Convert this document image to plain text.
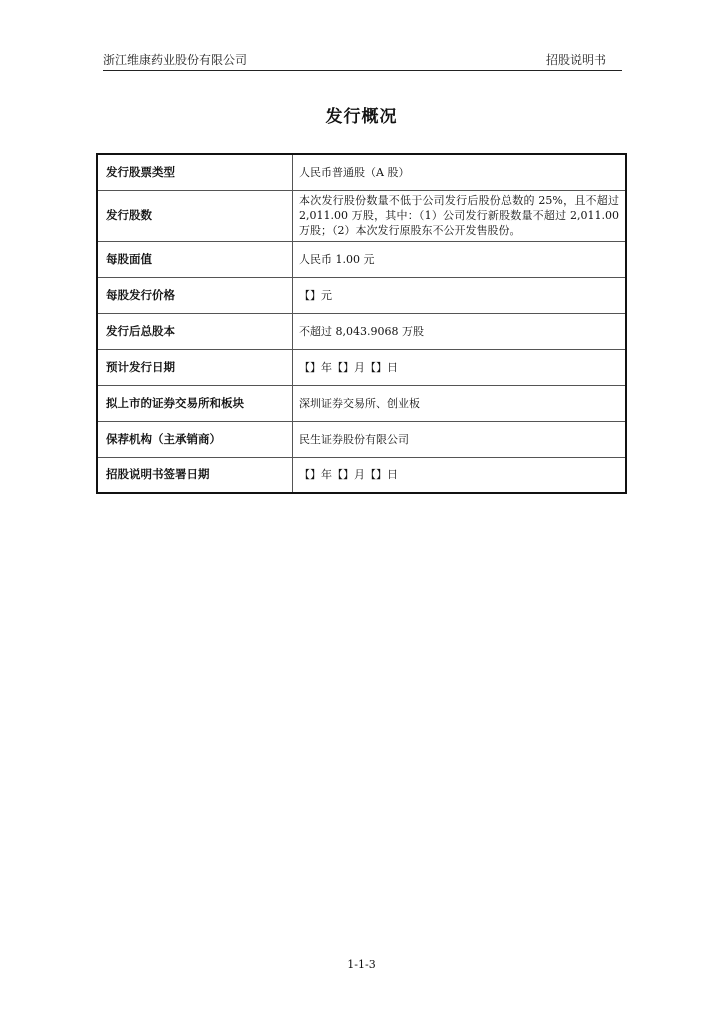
浙江维康药业股份有限公司	招股说明书
发行概况
发行股票类型	人民币普通股（A 股）
发行股数	本次发行股份数量不低于公司发行后股份总数的 25%，且不超过 2,011.00 万股，其中：（1）公司发行新股数量不超过 2,011.00 万股；（2）本次发行原股东不公开发售股份。
每股面值	人民币 1.00 元
每股发行价格	【】元
发行后总股本	不超过 8,043.9068 万股
预计发行日期	【】年【】月【】日
拟上市的证券交易所和板块	深圳证券交易所、创业板
保荐机构（主承销商）	民生证券股份有限公司
招股说明书签署日期	【】年【】月【】日
1-1-3
